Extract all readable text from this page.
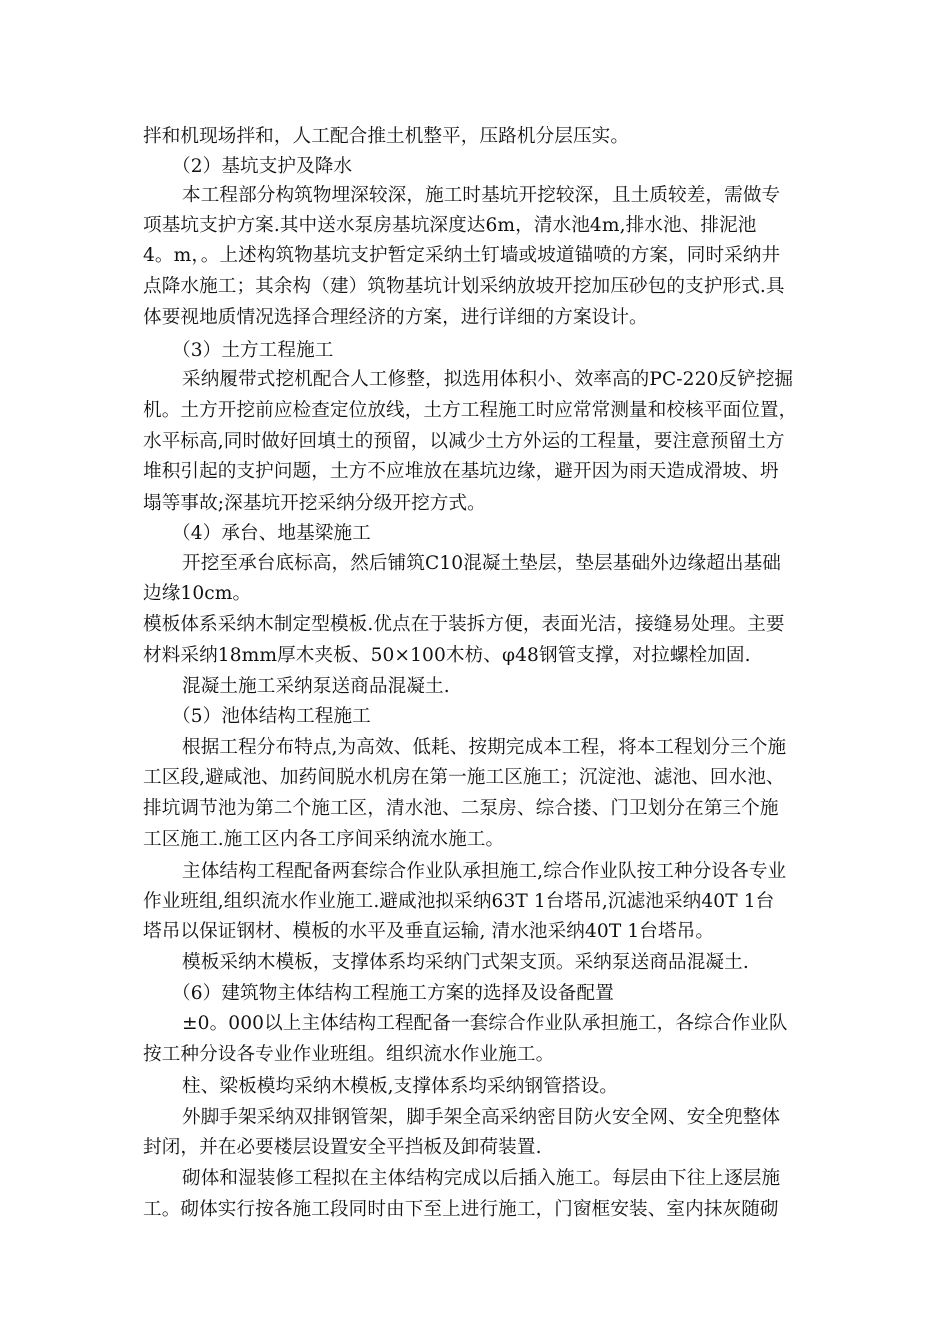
拌和机现场拌和，人工配合推土机整平，压路机分层压实。
（2）基坑支护及降水
本工程部分构筑物埋深较深，施工时基坑开挖较深，且土质较差，需做专
项基坑支护方案.其中送水泵房基坑深度达6m，清水池4m,排水池、排泥池
4。m，。上述构筑物基坑支护暂定采纳土钉墙或坡道锚喷的方案，同时采纳井
点降水施工；其余构（建）筑物基坑计划采纳放坡开挖加压砂包的支护形式.具
体要视地质情况选择合理经济的方案，进行详细的方案设计。
（3）土方工程施工
采纳履带式挖机配合人工修整，拟选用体积小、效率高的PC-220反铲挖掘
机。土方开挖前应检查定位放线，土方工程施工时应常常测量和校核平面位置，
水平标高,同时做好回填土的预留，以减少土方外运的工程量，要注意预留土方
堆积引起的支护问题，土方不应堆放在基坑边缘，避开因为雨天造成滑坡、坍
塌等事故;深基坑开挖采纳分级开挖方式。
（4）承台、地基梁施工
开挖至承台底标高，然后铺筑C10混凝土垫层，垫层基础外边缘超出基础
边缘10cm。
模板体系采纳木制定型模板.优点在于装拆方便，表面光洁，接缝易处理。主要
材料采纳18mm厚木夹板、50×100木枋、φ48钢管支撑，对拉螺栓加固.
混凝土施工采纳泵送商品混凝土.
（5）池体结构工程施工
根据工程分布特点,为高效、低耗、按期完成本工程，将本工程划分三个施
工区段,避咸池、加药间脱水机房在第一施工区施工；沉淀池、滤池、回水池、
排坑调节池为第二个施工区，清水池、二泵房、综合搂、门卫划分在第三个施
工区施工.施工区内各工序间采纳流水施工。
主体结构工程配备两套综合作业队承担施工,综合作业队按工种分设各专业
作业班组,组织流水作业施工.避咸池拟采纳63T 1台塔吊,沉滤池采纳40T 1台
塔吊以保证钢材、模板的水平及垂直运输, 清水池采纳40T 1台塔吊。
模板采纳木模板，支撑体系均采纳门式架支顶。采纳泵送商品混凝土.
（6）建筑物主体结构工程施工方案的选择及设备配置
±0。000以上主体结构工程配备一套综合作业队承担施工，各综合作业队
按工种分设各专业作业班组。组织流水作业施工。
柱、梁板模均采纳木模板,支撑体系均采纳钢管搭设。
外脚手架采纳双排钢管架，脚手架全高采纳密目防火安全网、安全兜整体
封闭，并在必要楼层设置安全平挡板及卸荷装置.
砌体和湿装修工程拟在主体结构完成以后插入施工。每层由下往上逐层施
工。砌体实行按各施工段同时由下至上进行施工，门窗框安装、室内抹灰随砌
